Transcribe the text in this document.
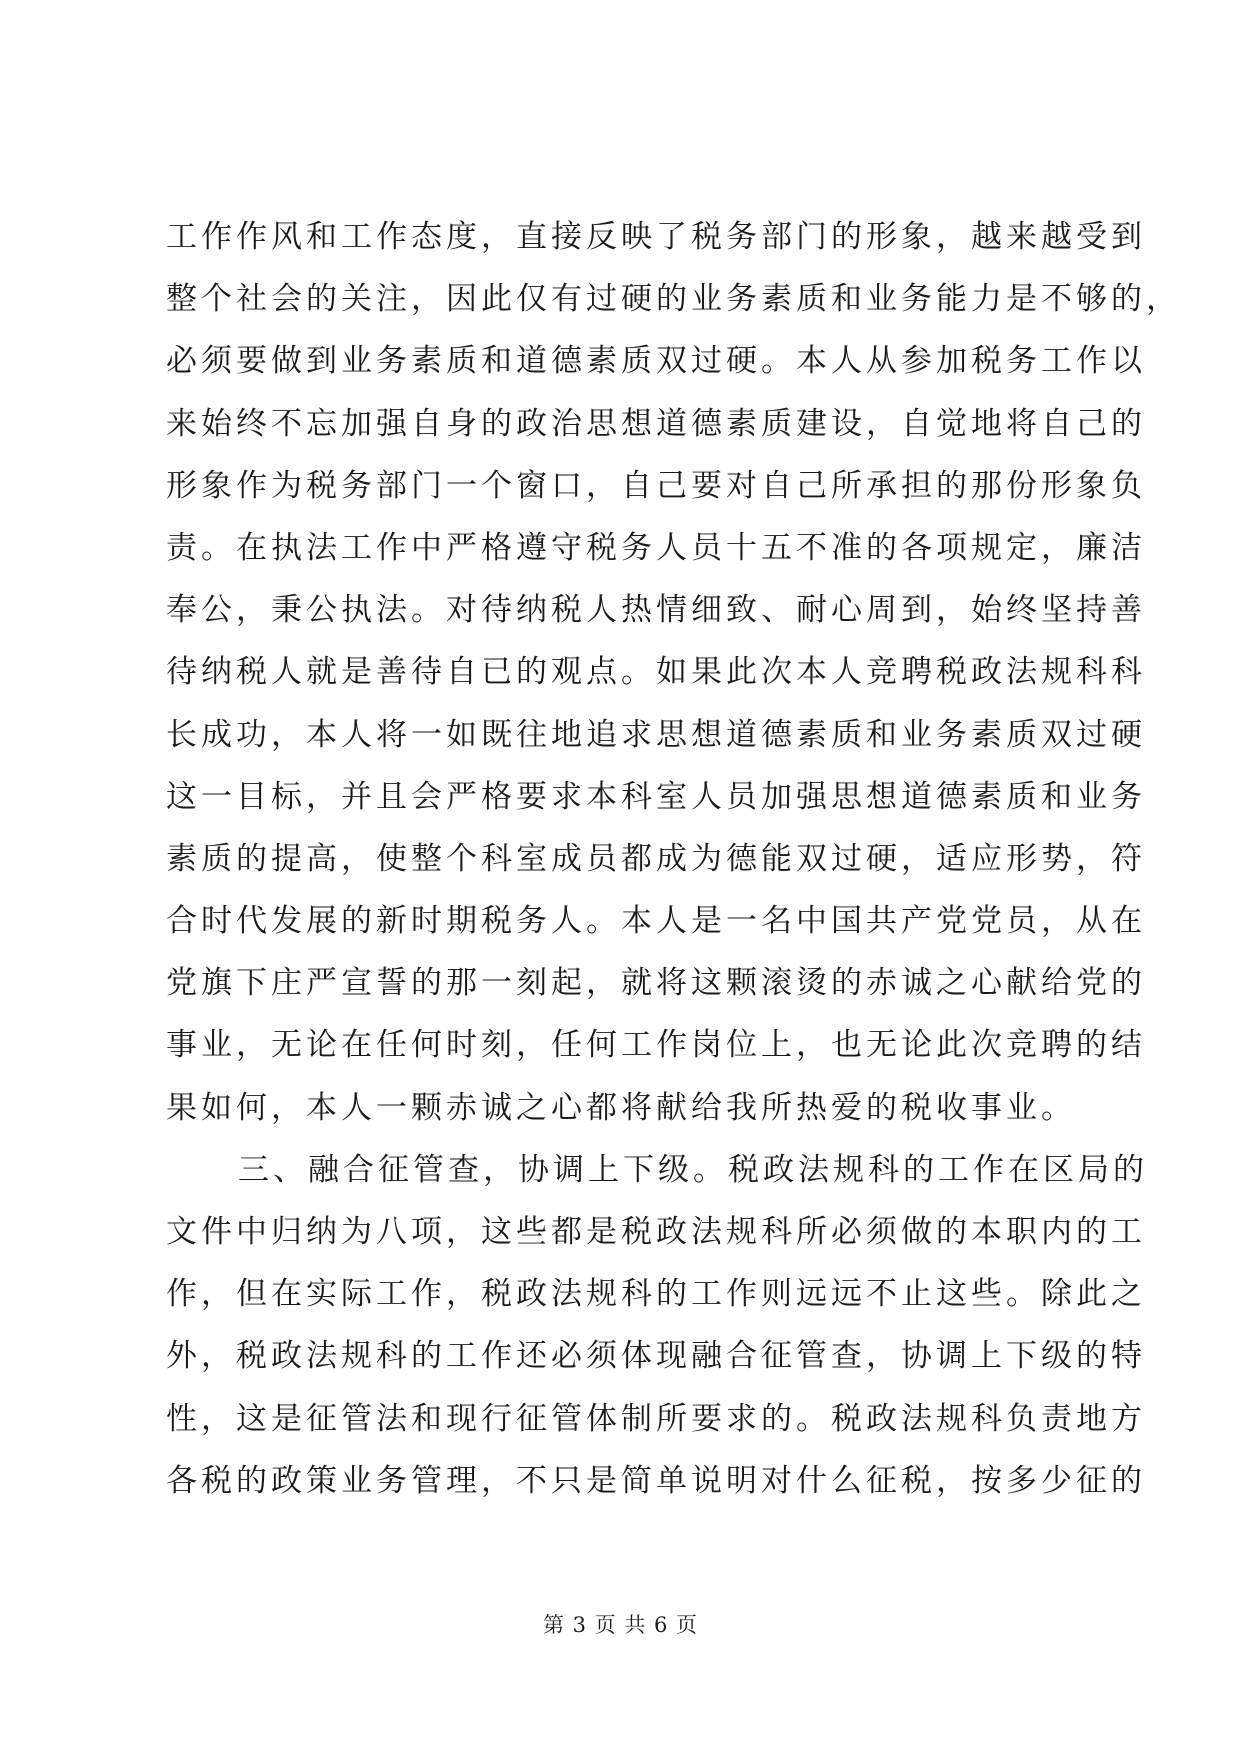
工作作风和工作态度，直接反映了税务部门的形象，越来越受到
整个社会的关注，因此仅有过硬的业务素质和业务能力是不够的，
必须要做到业务素质和道德素质双过硬。本人从参加税务工作以
来始终不忘加强自身的政治思想道德素质建设，自觉地将自己的
形象作为税务部门一个窗口，自己要对自己所承担的那份形象负
责。在执法工作中严格遵守税务人员十五不准的各项规定，廉洁
奉公，秉公执法。对待纳税人热情细致、耐心周到，始终坚持善
待纳税人就是善待自已的观点。如果此次本人竞聘税政法规科科
长成功，本人将一如既往地追求思想道德素质和业务素质双过硬
这一目标，并且会严格要求本科室人员加强思想道德素质和业务
素质的提高，使整个科室成员都成为德能双过硬，适应形势，符
合时代发展的新时期税务人。本人是一名中国共产党党员，从在
党旗下庄严宣誓的那一刻起，就将这颗滚烫的赤诚之心献给党的
事业，无论在任何时刻，任何工作岗位上，也无论此次竞聘的结
果如何，本人一颗赤诚之心都将献给我所热爱的税收事业。
三、融合征管查，协调上下级。税政法规科的工作在区局的
文件中归纳为八项，这些都是税政法规科所必须做的本职内的工
作，但在实际工作，税政法规科的工作则远远不止这些。除此之
外，税政法规科的工作还必须体现融合征管查，协调上下级的特
性，这是征管法和现行征管体制所要求的。税政法规科负责地方
各税的政策业务管理，不只是简单说明对什么征税，按多少征的
第 3 页 共 6 页
